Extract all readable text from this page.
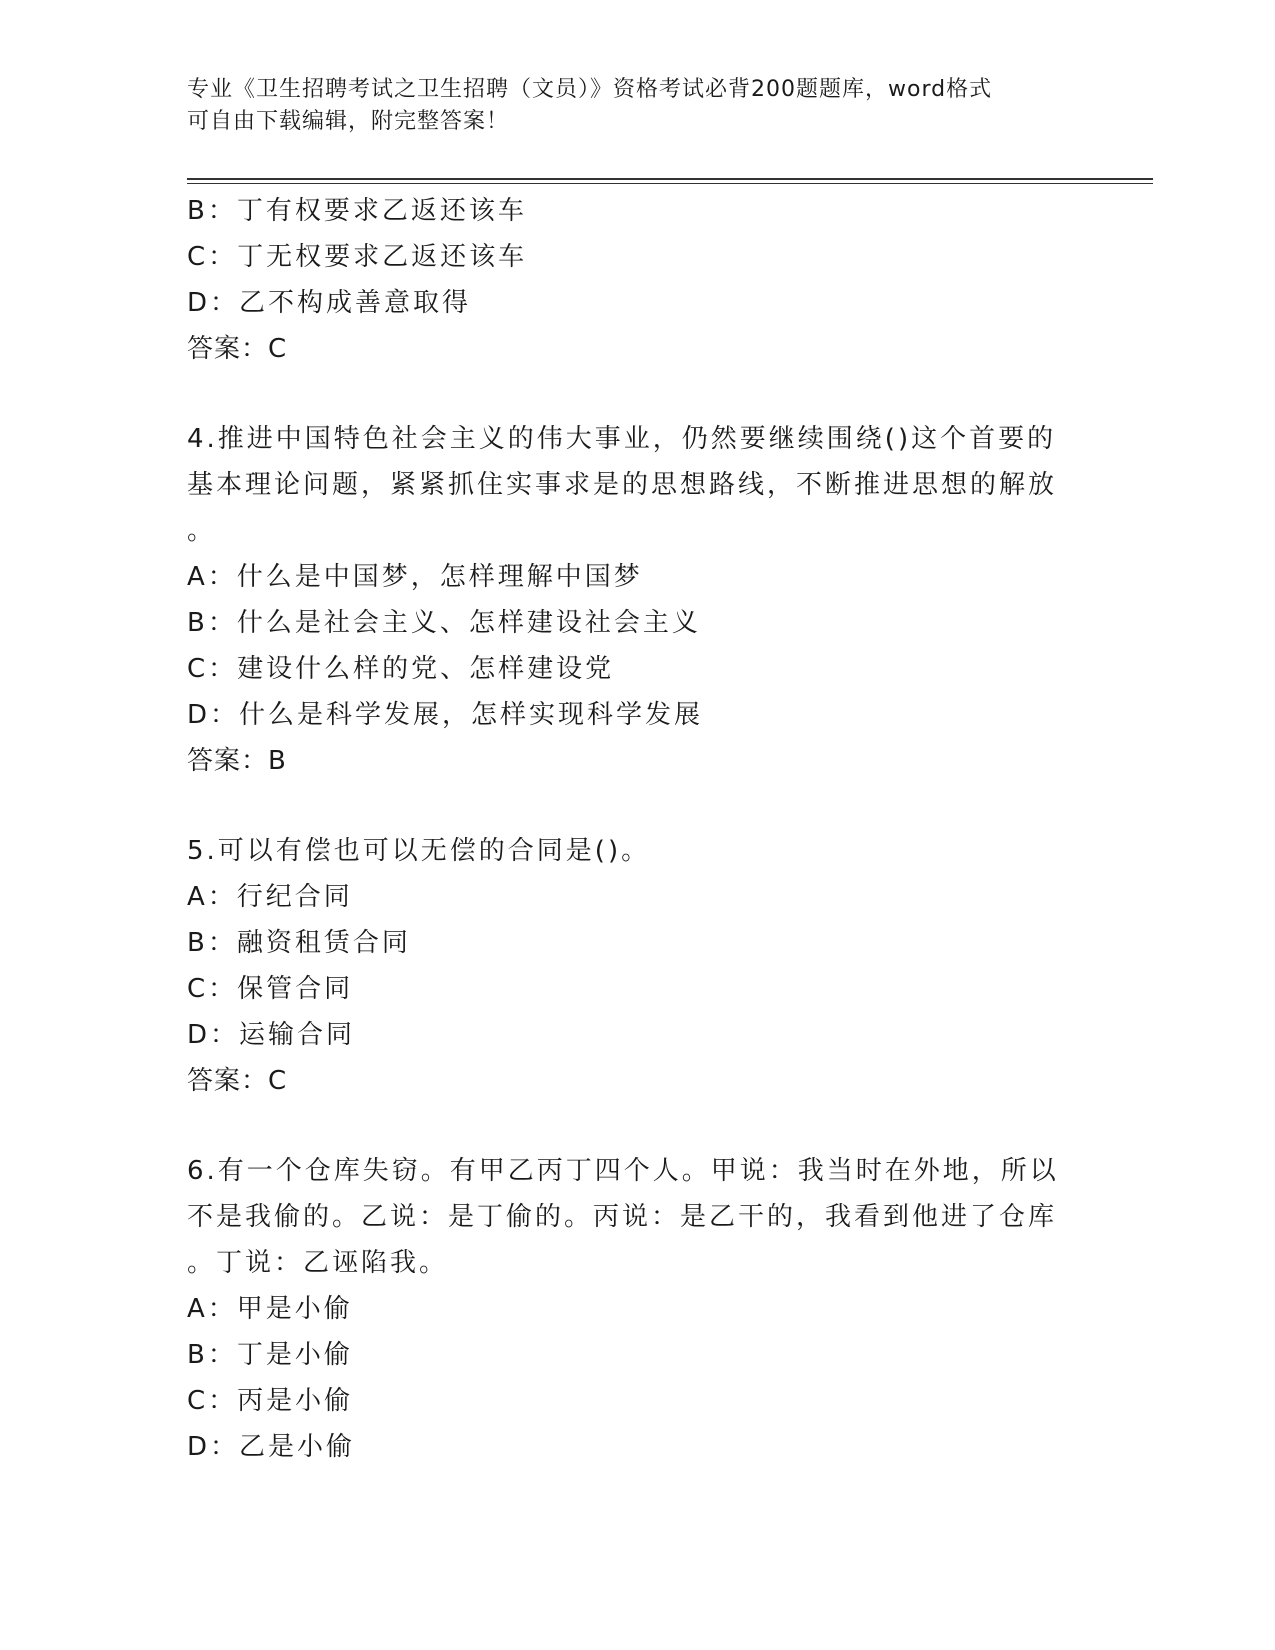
专业《卫生招聘考试之卫生招聘（文员）》资格考试必背200题题库，word格式
可自由下载编辑，附完整答案！
B：丁有权要求乙返还该车
C：丁无权要求乙返还该车
D：乙不构成善意取得
答案：C
4.推进中国特色社会主义的伟大事业，仍然要继续围绕()这个首要的
基本理论问题，紧紧抓住实事求是的思想路线，不断推进思想的解放
。
A：什么是中国梦，怎样理解中国梦
B：什么是社会主义、怎样建设社会主义
C：建设什么样的党、怎样建设党
D：什么是科学发展，怎样实现科学发展
答案：B
5.可以有偿也可以无偿的合同是()。
A：行纪合同
B：融资租赁合同
C：保管合同
D：运输合同
答案：C
6.有一个仓库失窃。有甲乙丙丁四个人。甲说：我当时在外地，所以
不是我偷的。乙说：是丁偷的。丙说：是乙干的，我看到他进了仓库
。丁说：乙诬陷我。
A：甲是小偷
B：丁是小偷
C：丙是小偷
D：乙是小偷
